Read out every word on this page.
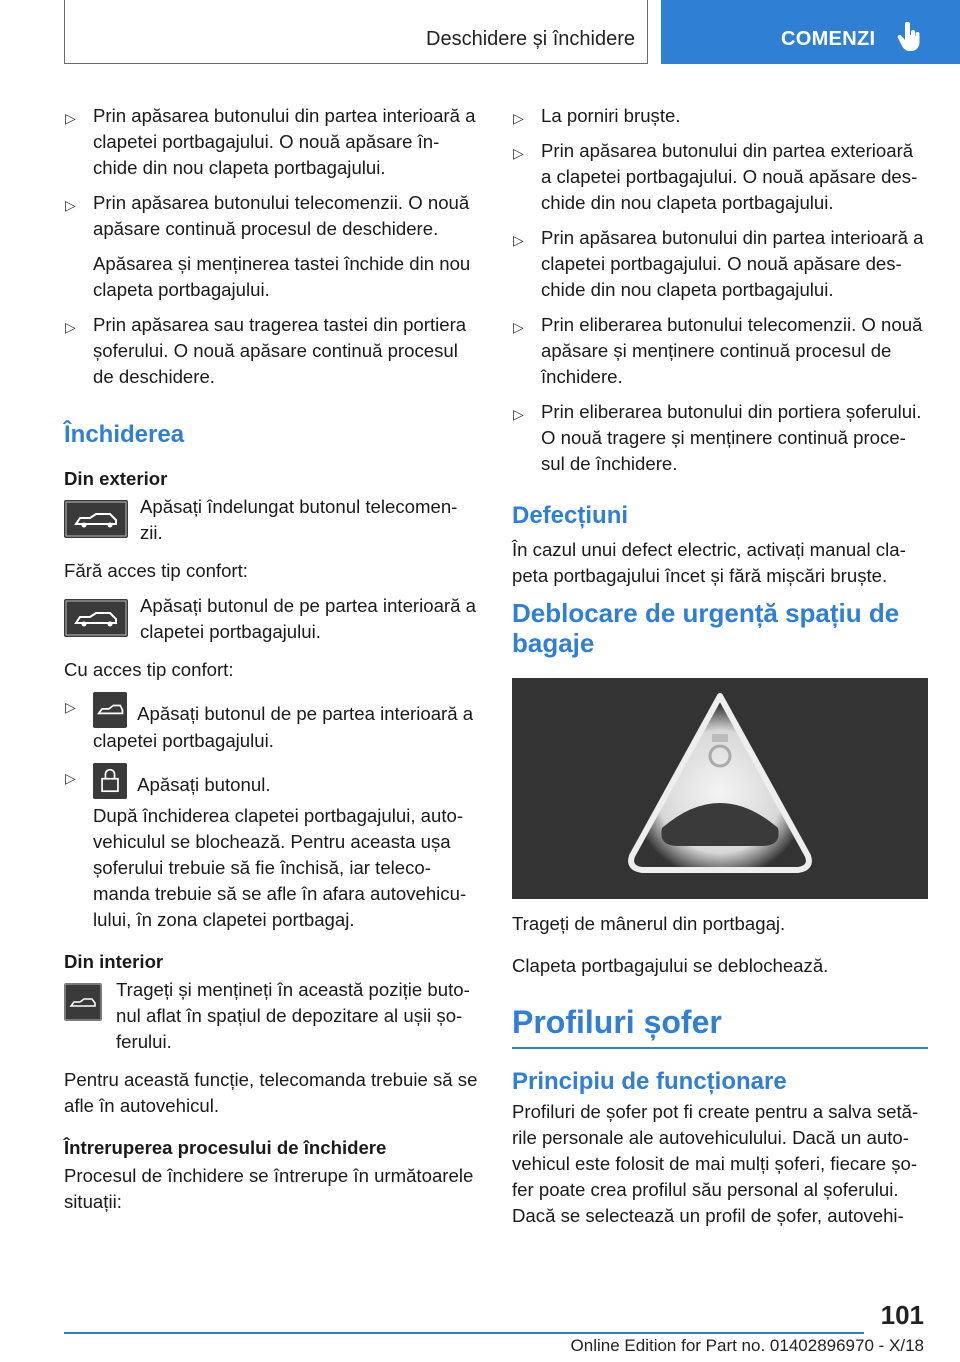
Deschidere și închidere	COMENZI
▷ Prin apăsarea butonului din partea interioară a clapetei portbagajului. O nouă apăsare în-chide din nou clapeta portbagajului.
▷ Prin apăsarea butonului telecomenzii. O nouă apăsare continuă procesul de deschidere.

Apăsarea și menținerea tastei închide din nou clapeta portbagajului.

▷ Prin apăsarea sau tragerea tastei din portiera șoferului. O nouă apăsare continuă procesul de deschidere.
Închiderea
Din exterior
Apăsați îndelungat butonul telecomen-zii.

Fără acces tip confort:

Apăsați butonul de pe partea interioară a clapetei portbagajului.

Cu acces tip confort:

▷	Apăsați butonul de pe partea interioară a clapetei portbagajului.
▷	Apăsați butonul.

După închiderea clapetei portbagajului, auto-vehiculul se blochează. Pentru aceasta ușa șoferului trebuie să fie închisă, iar teleco-manda trebuie să se afle în afara autovehicu-lului, în zona clapetei portbagaj.

Din interior
Trageți și mențineți în această poziție buto-nul aflat în spațiul de depozitare al ușii șo-ferului.

Pentru această funcție, telecomanda trebuie să se afle în autovehicul.

Întreruperea procesului de închidere

Procesul de închidere se întrerupe în următoarele situații:

▷ La porniri bruște.
▷ Prin apăsarea butonului din partea exterioară a clapetei portbagajului. O nouă apăsare des-chide din nou clapeta portbagajului.
▷ Prin apăsarea butonului din partea interioară a clapetei portbagajului. O nouă apăsare des-chide din nou clapeta portbagajului.
▷ Prin eliberarea butonului telecomenzii. O nouă apăsare și menținere continuă procesul de închidere.
▷ Prin eliberarea butonului din portiera șoferului. O nouă tragere și menținere continuă proce-sul de închidere.
Defecțiuni

În cazul unui defect electric, activați manual cla-peta portbagajului încet și fără mișcări bruște.

Deblocare de urgență spațiu de bagaje

Trageți de mânerul din portbagaj.

Clapeta portbagajului se deblochează.

Profiluri șofer
Principiu de funcționare

Profiluri de șofer pot fi create pentru a salva setă-rile personale ale autovehiculului. Dacă un auto-vehicul este folosit de mai mulți șoferi, fiecare șo-fer poate crea profilul său personal al șoferului. Dacă se selectează un profil de șofer, autovehi-

101
Online Edition for Part no. 01402896970 - X/18
